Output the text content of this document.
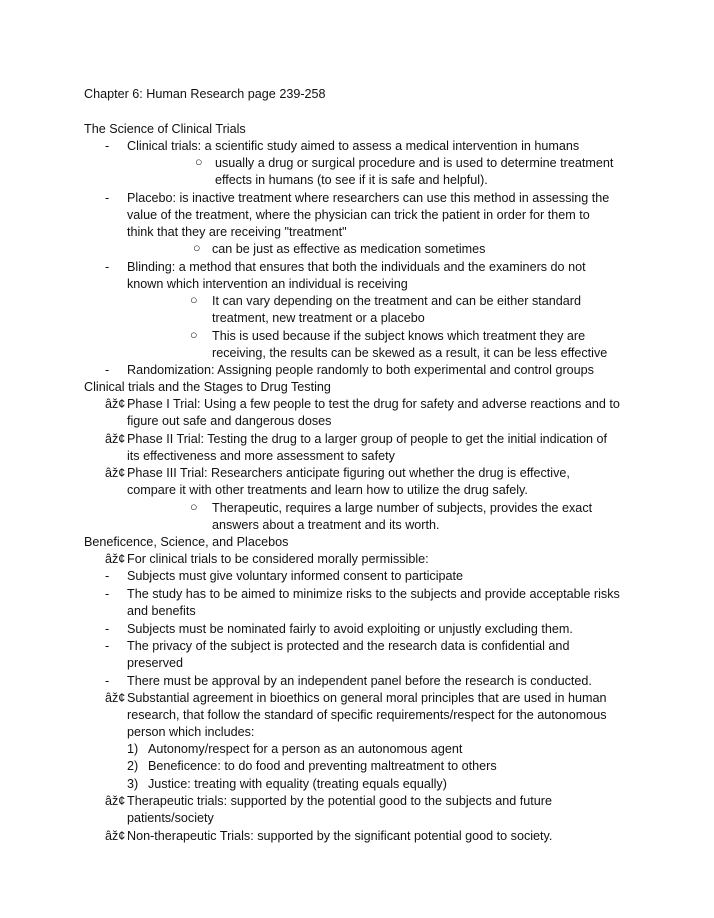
Chapter 6: Human Research page 239-258
The Science of Clinical Trials
- Clinical trials: a scientific study aimed to assess a medical intervention in humans
○ usually a drug or surgical procedure and is used to determine treatment
effects in humans (to see if it is safe and helpful).
- Placebo: is inactive treatment where researchers can use this method in assessing the
value of the treatment, where the physician can trick the patient in order for them to
think that they are receiving "treatment"
○ can be just as effective as medication sometimes
- Blinding: a method that ensures that both the individuals and the examiners do not
known which intervention an individual is receiving
○ It can vary depending on the treatment and can be either standard
treatment, new treatment or a placebo
○ This is used because if the subject knows which treatment they are
receiving, the results can be skewed as a result, it can be less effective
- Randomization: Assigning people randomly to both experimental and control groups
Clinical trials and the Stages to Drug Testing
âž¢ Phase I Trial: Using a few people to test the drug for safety and adverse reactions and to
figure out safe and dangerous doses
âž¢ Phase II Trial: Testing the drug to a larger group of people to get the initial indication of
its effectiveness and more assessment to safety
âž¢ Phase III Trial: Researchers anticipate figuring out whether the drug is effective,
compare it with other treatments and learn how to utilize the drug safely.
○ Therapeutic, requires a large number of subjects, provides the exact
answers about a treatment and its worth.
Beneficence, Science, and Placebos
âž¢ For clinical trials to be considered morally permissible:
- Subjects must give voluntary informed consent to participate
- The study has to be aimed to minimize risks to the subjects and provide acceptable risks
and benefits
- Subjects must be nominated fairly to avoid exploiting or unjustly excluding them.
- The privacy of the subject is protected and the research data is confidential and
preserved
- There must be approval by an independent panel before the research is conducted.
âž¢ Substantial agreement in bioethics on general moral principles that are used in human
research, that follow the standard of specific requirements/respect for the autonomous
person which includes:
1) Autonomy/respect for a person as an autonomous agent
2) Beneficence: to do food and preventing maltreatment to others
3) Justice: treating with equality (treating equals equally)
âž¢ Therapeutic trials: supported by the potential good to the subjects and future
patients/society
âž¢ Non-therapeutic Trials: supported by the significant potential good to society.
